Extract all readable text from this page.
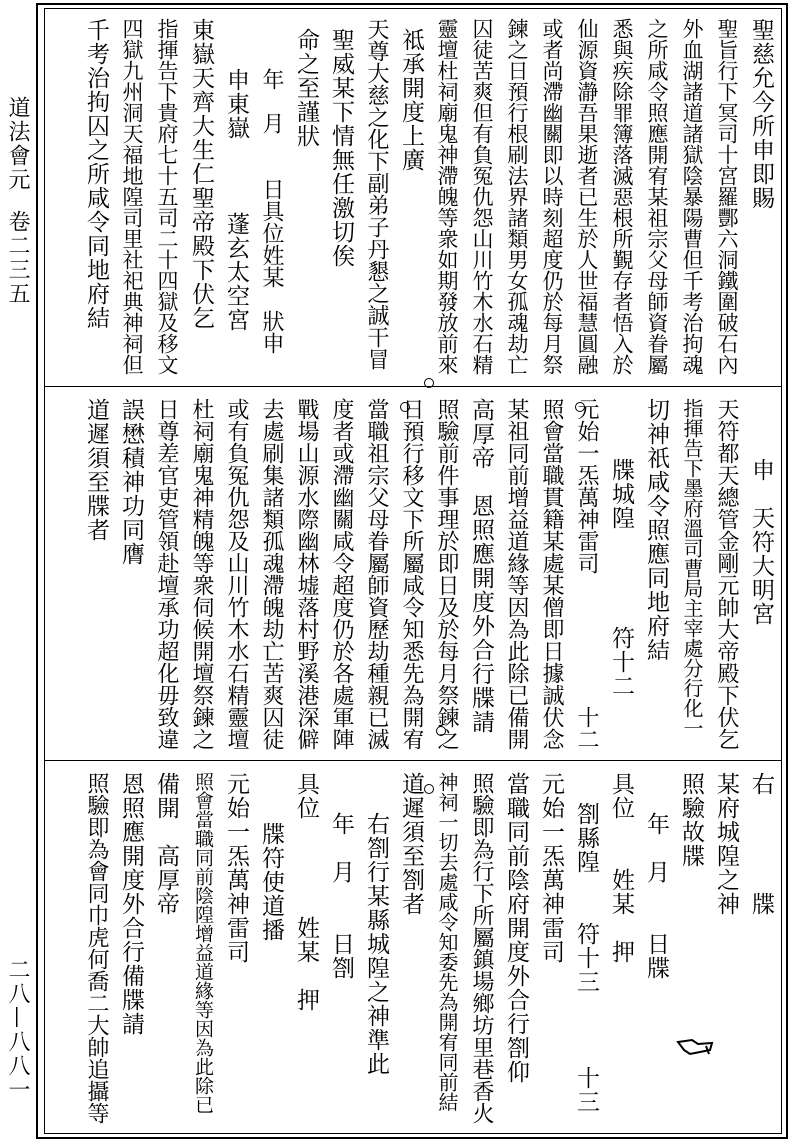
道法會元
卷二三五
二八—八八一
聖慈允今所申即賜
聖旨行下冥司十宮羅酆六洞鐵圍破石內
外血湖諸道諸獄陰暴陽曹但千考治拘魂
之所咸令照應開宥某祖宗父母師資眷屬
悉與疾除罪簿落滅惡根所覲存者悟入於
仙源資瀞吾果逝者已生於人世福慧圓融
或者尚滯幽關即以時刻超度仍於每月祭
鍊之日預行根刷法界諸類男女孤魂劫亡
囚徒苦爽但有負冤仇怨山川竹木水石精
靈壇杜祠廟鬼神滯魄等衆如期發放前來
祗承開度上廣
天尊大慈之化下副弟子丹懇之誠干冒
聖威某下情無任激切俟
命之至謹狀
年　月　　日具位姓某　狀申
申東嶽　　　蓬玄太空宮
東嶽天齊大生仁聖帝殿下伏乞
指揮告下貴府七十五司二十四獄及移文
四獄九州洞天福地隍司里社祀典神祠但
千考治拘囚之所咸令同地府結
申　天符大明宮
天符都天總管金剛元帥大帝殿下伏乞
指揮告下墨府溫司曹局主宰處分行化一
切神祇咸令照應同地府結
牒城隍　　　　符十二
元始一炁萬神雷司　　　　　　十二
照會當職貫籍某處某僧即日據誠伏念
某祖同前增益道緣等因為此除已備開
高厚帝　恩照應開度外合行牒請
照驗前件事理於即日及於每月祭鍊之
日預行移文下所屬咸令知悉先為開宥
當職祖宗父母眷屬師資歷劫種親已滅
度者或滯幽關咸令超度仍於各處軍陣
戰場山源水際幽林墟落村野溪港深僻
去處刷集諸類孤魂滯魄劫亡苦爽囚徒
或有負冤仇怨及山川竹木水石精靈壇
杜祠廟鬼神精魄等衆伺候開壇祭鍊之
日尊差官吏管領赴壇承功超化毋致違
誤懋積神功同膺
道遲須至牒者
右　　　　牒
某府城隍之神
照驗故牒
年　月　　日牒
具位　　姓某　押
劄縣隍　　符十三　　　十三
元始一炁萬神雷司
當職同前陰府開度外合行劄仰
照驗即為行下所屬鎮場鄉坊里巷香火
神祠一切去處咸令知委先為開宥同前結
道遲須至劄者
右劄行某縣城隍之神準此
年　月　　日劄
具位　　　　姓某　押
牒符使道播
元始一炁萬神雷司
照會當職同前陰隍增益道緣等因為此除已
備開　高厚帝
恩照應開度外合行備牒請
照驗即為會同巾虎何喬二大帥追攝等
